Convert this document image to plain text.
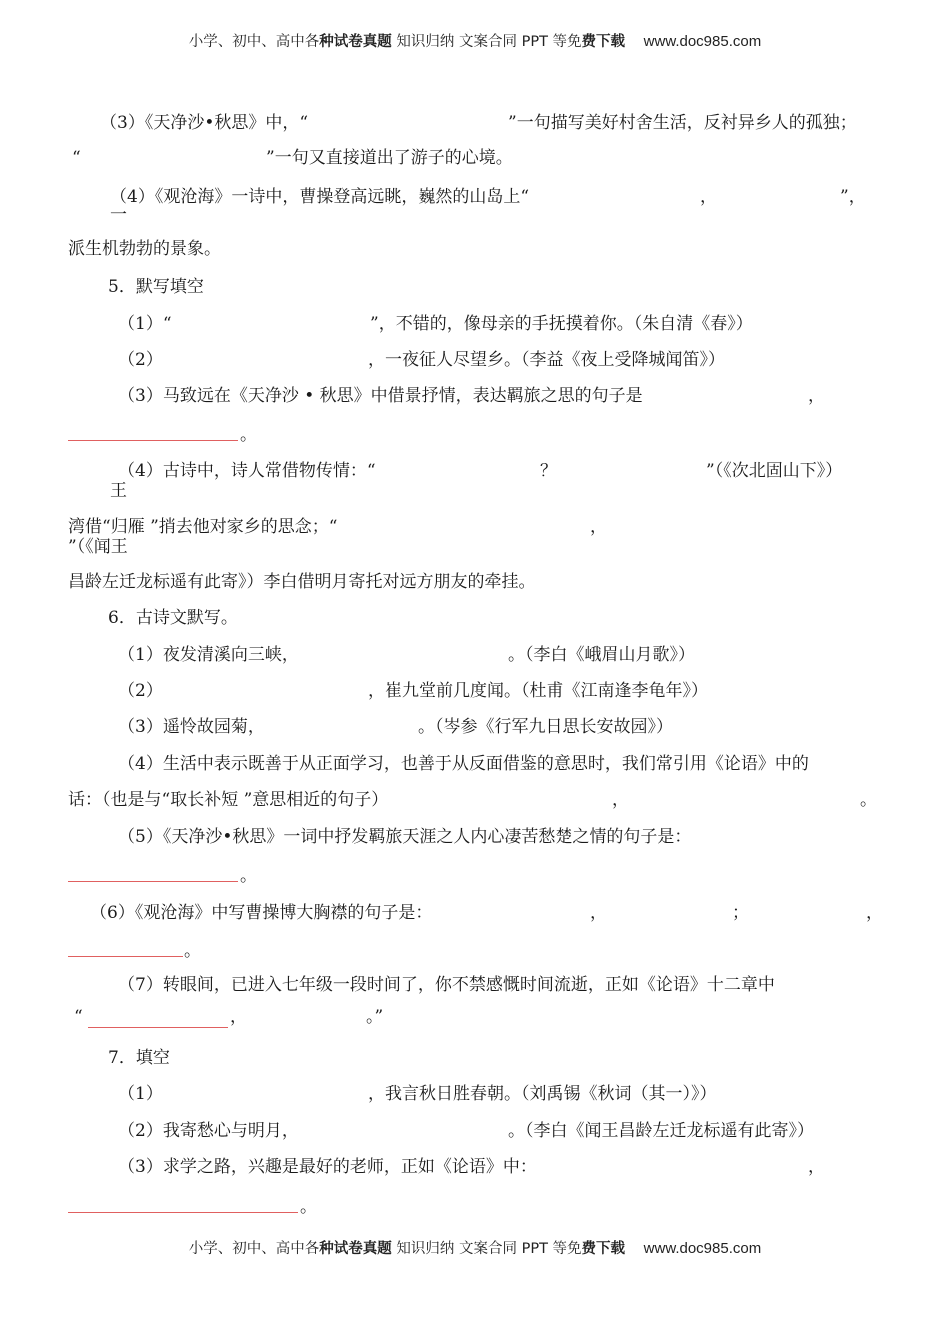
小学、初中、高中各种试卷真题 知识归纳 文案合同 PPT 等免费下载 www.doc985.com
（3）《天净沙•秋思》中，“	”一句描写美好村舍生活，反衬异乡人的孤独；
“	”一句又直接道出了游子的心境。
（4）《观沧海》一诗中，曹操登高远眺，巍然的山岛上“	，	”，
一
派生机勃勃的景象。
5．默写填空
（1）“	”，不错的，像母亲的手抚摸着你。（朱自清《春》）
（2）	，一夜征人尽望乡。（李益《夜上受降城闻笛》）
（3）马致远在《天净沙 • 秋思》中借景抒情，表达羁旅之思的句子是	，
。
（4）古诗中，诗人常借物传情：“	？	”（《次北固山下》）
王
湾借“归雁 ”捎去他对家乡的思念；“	，
”（《闻王
昌龄左迁龙标遥有此寄》）李白借明月寄托对远方朋友的牵挂。
6．古诗文默写。
（1）夜发清溪向三峡，	。（李白《峨眉山月歌》）
（2）	，崔九堂前几度闻。（杜甫《江南逢李龟年》）
（3）遥怜故园菊，	。（岑参《行军九日思长安故园》）
（4）生活中表示既善于从正面学习，也善于从反面借鉴的意思时，我们常引用《论语》中的
话：（也是与“取长补短 ”意思相近的句子）	，	。
（5）《天净沙•秋思》一词中抒发羁旅天涯之人内心凄苦愁楚之情的句子是：
。
（6）《观沧海》中写曹操博大胸襟的句子是：	，	；	，
。
（7）转眼间，已进入七年级一段时间了，你不禁感慨时间流逝，正如《论语》十二章中
“	，	。”
7．填空
（1）	，我言秋日胜春朝。（刘禹锡《秋词（其一）》）
（2）我寄愁心与明月，	。（李白《闻王昌龄左迁龙标遥有此寄》）
（3）求学之路，兴趣是最好的老师，正如《论语》中：	，
。
小学、初中、高中各种试卷真题 知识归纳 文案合同 PPT 等免费下载 www.doc985.com
